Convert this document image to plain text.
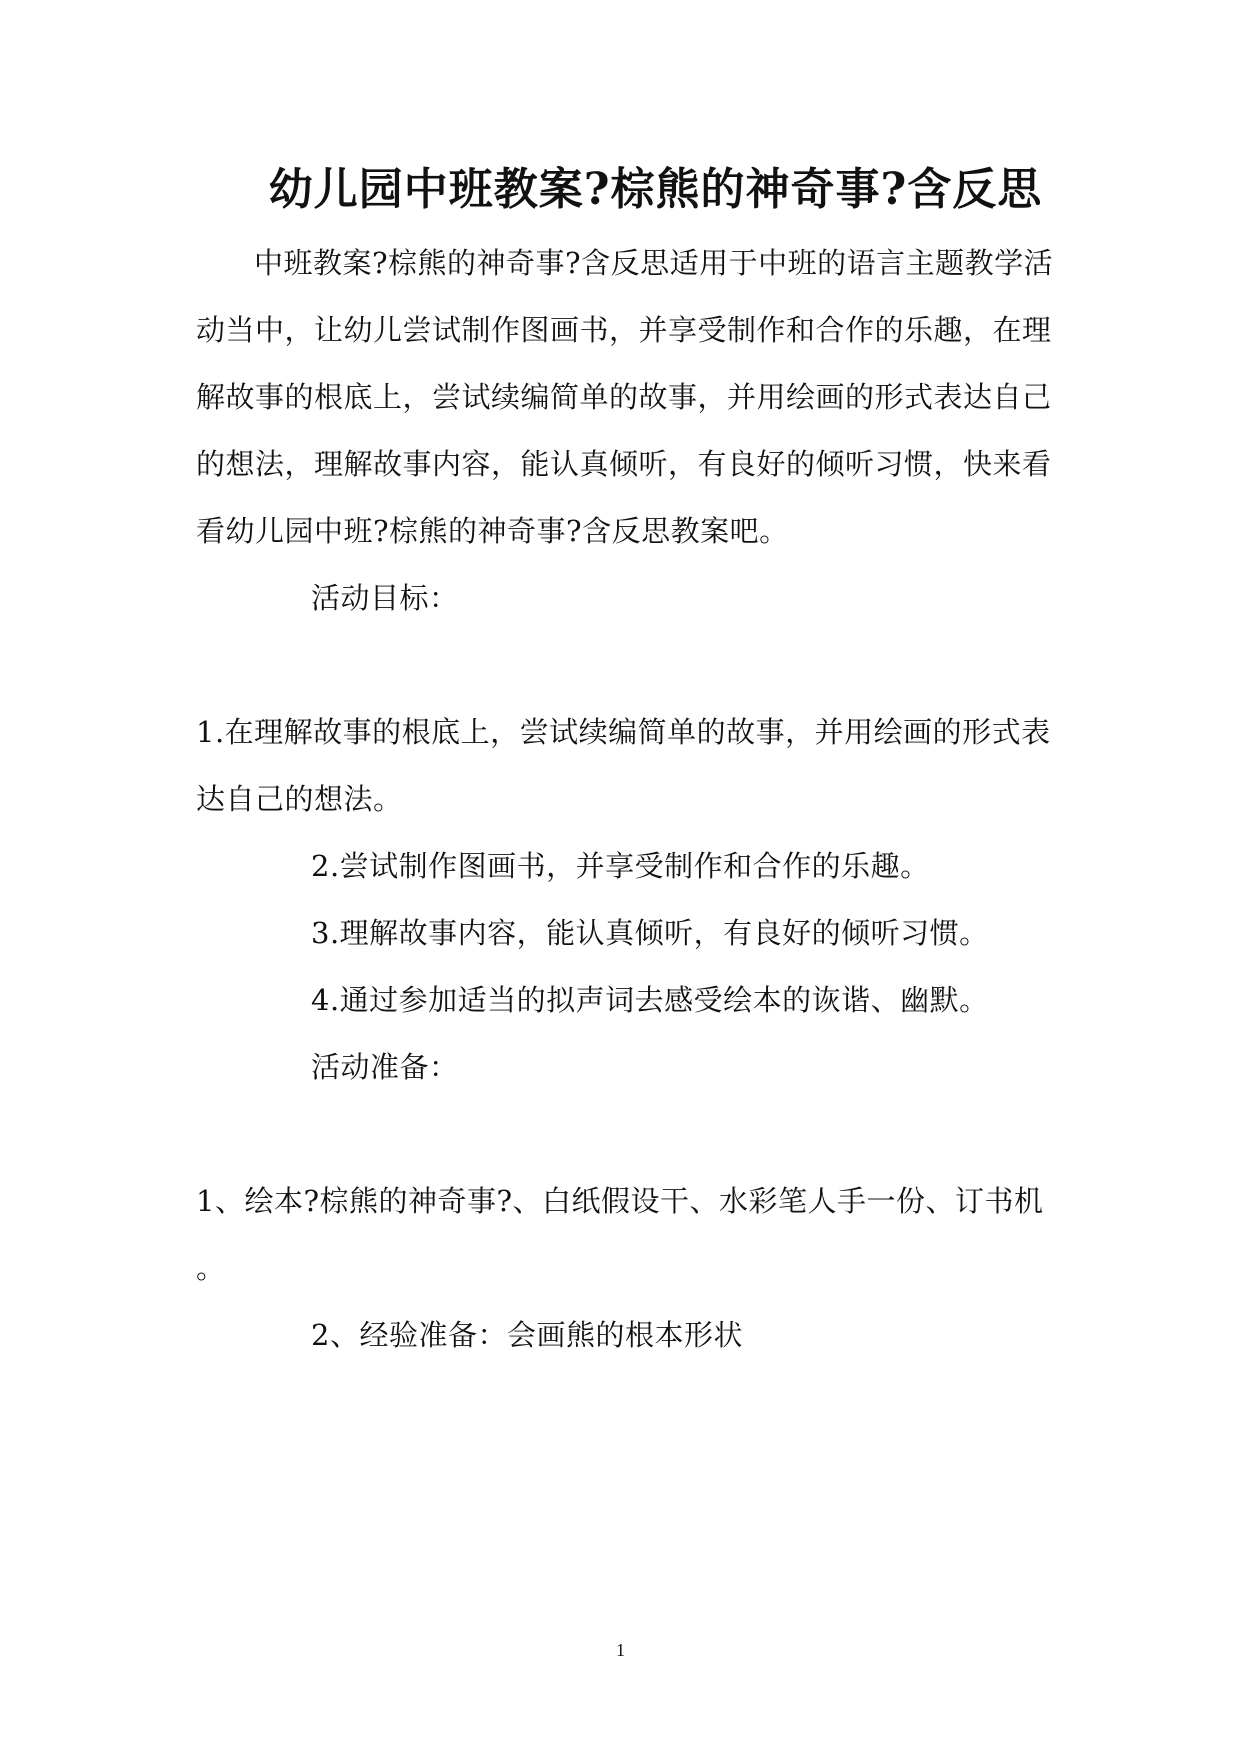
幼儿园中班教案?棕熊的神奇事?含反思
中班教案?棕熊的神奇事?含反思适用于中班的语言主题教学活
动当中，让幼儿尝试制作图画书，并享受制作和合作的乐趣，在理
解故事的根底上，尝试续编简单的故事，并用绘画的形式表达自己
的想法，理解故事内容，能认真倾听，有良好的倾听习惯，快来看
看幼儿园中班?棕熊的神奇事?含反思教案吧。
活动目标：
1.在理解故事的根底上，尝试续编简单的故事，并用绘画的形式表
达自己的想法。
2.尝试制作图画书，并享受制作和合作的乐趣。
3.理解故事内容，能认真倾听，有良好的倾听习惯。
4.通过参加适当的拟声词去感受绘本的诙谐、幽默。
活动准备：
1、绘本?棕熊的神奇事?、白纸假设干、水彩笔人手一份、订书机
。
2、经验准备：会画熊的根本形状
1
